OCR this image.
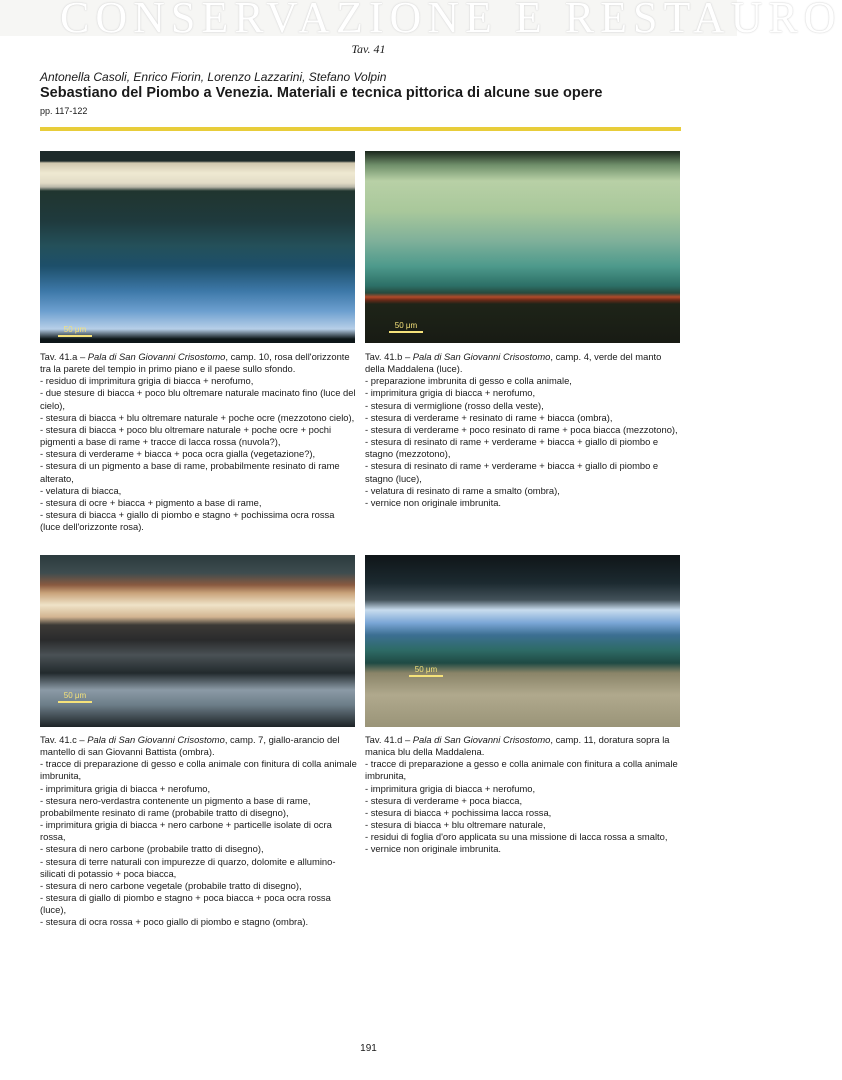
CONSERVAZIONE E RESTAURO
Tav. 41
Antonella Casoli, Enrico Fiorin, Lorenzo Lazzarini, Stefano Volpin
Sebastiano del Piombo a Venezia. Materiali e tecnica pittorica di alcune sue opere
pp. 117-122
50 μm	50 μm

Tav. 41.a – Pala di San Giovanni Crisostomo, camp. 10, rosa dell'orizzonte tra la parete del tempio in primo piano e il paese sullo sfondo.

- residuo di imprimitura grigia di biacca + nerofumo,

- due stesure di biacca + poco blu oltremare naturale macinato fino (luce del cielo),

- stesura di biacca + blu oltremare naturale + poche ocre (mezzotono cielo),

- stesura di biacca + poco blu oltremare naturale + poche ocre + pochi pigmenti a base di rame + tracce di lacca rossa (nuvola?),

- stesura di verderame + biacca + poca ocra gialla (vegetazione?),

- stesura di un pigmento a base di rame, probabilmente resinato di rame alterato,

- velatura di biacca,

- stesura di ocre + biacca + pigmento a base di rame,

- stesura di biacca + giallo di piombo e stagno + pochissima ocra rossa (luce dell'orizzonte rosa).

Tav. 41.b – Pala di San Giovanni Crisostomo, camp. 4, verde del manto della Maddalena (luce).

- preparazione imbrunita di gesso e colla animale,

- imprimitura grigia di biacca + nerofumo,

- stesura di vermiglione (rosso della veste),

- stesura di verderame + resinato di rame + biacca (ombra),

- stesura di verderame + poco resinato di rame + poca biacca (mezzotono),

- stesura di resinato di rame + verderame + biacca + giallo di piombo e stagno (mezzotono),

- stesura di resinato di rame + verderame + biacca + giallo di piombo e stagno (luce),

- velatura di resinato di rame a smalto (ombra),

- vernice non originale imbrunita.

50 μm
50 μm

Tav. 41.c – Pala di San Giovanni Crisostomo, camp. 7, giallo-arancio del mantello di san Giovanni Battista (ombra).

- tracce di preparazione di gesso e colla animale con finitura di colla animale imbrunita,

- imprimitura grigia di biacca + nerofumo,

- stesura nero-verdastra contenente un pigmento a base di rame, probabilmente resinato di rame (probabile tratto di disegno),

- imprimitura grigia di biacca + nero carbone + particelle isolate di ocra rossa,

- stesura di nero carbone (probabile tratto di disegno),

- stesura di terre naturali con impurezze di quarzo, dolomite e allumino-silicati di potassio + poca biacca,

- stesura di nero carbone vegetale (probabile tratto di disegno),

- stesura di giallo di piombo e stagno + poca biacca + poca ocra rossa (luce),

- stesura di ocra rossa + poco giallo di piombo e stagno (ombra).

Tav. 41.d – Pala di San Giovanni Crisostomo, camp. 11, doratura sopra la manica blu della Maddalena.

- tracce di preparazione a gesso e colla animale con finitura a colla animale imbrunita,

- imprimitura grigia di biacca + nerofumo,

- stesura di verderame + poca biacca,

- stesura di biacca + pochissima lacca rossa,

- stesura di biacca + blu oltremare naturale,

- residui di foglia d'oro applicata su una missione di lacca rossa a smalto,

- vernice non originale imbrunita.

191
